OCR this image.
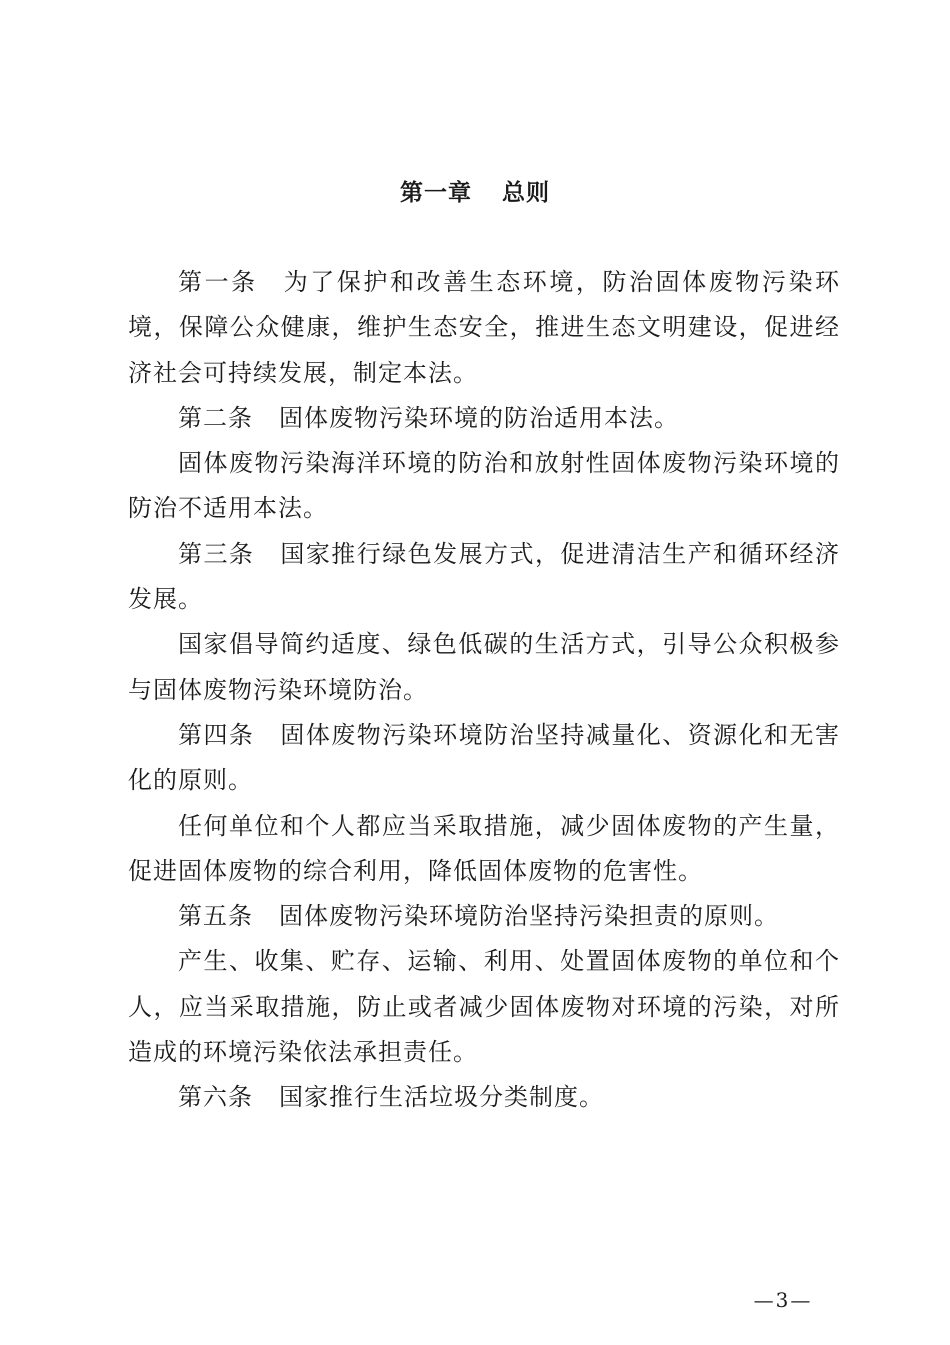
第一章 总则

第一条 为了保护和改善生态环境，防治固体废物污染环境，保障公众健康，维护生态安全，推进生态文明建设，促进经济社会可持续发展，制定本法。

第二条 固体废物污染环境的防治适用本法。

固体废物污染海洋环境的防治和放射性固体废物污染环境的防治不适用本法。

第三条 国家推行绿色发展方式，促进清洁生产和循环经济发展。

国家倡导简约适度、绿色低碳的生活方式，引导公众积极参与固体废物污染环境防治。

第四条 固体废物污染环境防治坚持减量化、资源化和无害化的原则。

任何单位和个人都应当采取措施，减少固体废物的产生量，促进固体废物的综合利用，降低固体废物的危害性。

第五条 固体废物污染环境防治坚持污染担责的原则。

产生、收集、贮存、运输、利用、处置固体废物的单位和个人，应当采取措施，防止或者减少固体废物对环境的污染，对所造成的环境污染依法承担责任。

第六条 国家推行生活垃圾分类制度。

—3—
